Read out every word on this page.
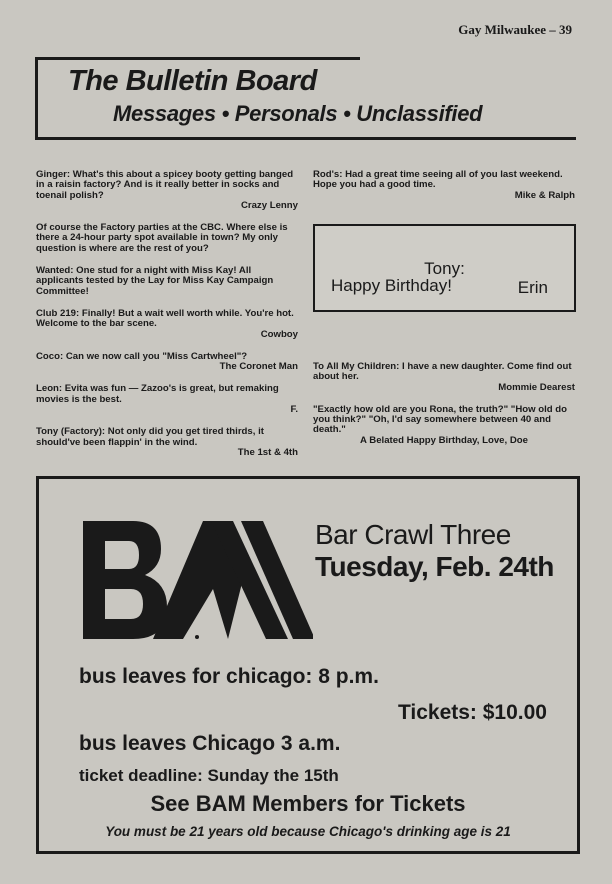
Gay Milwaukee – 39
The Bulletin Board
Messages • Personals • Unclassified

Ginger: What's this about a spicey booty getting banged in a raisin factory? And is it really better in socks and toenail polish?
Crazy Lenny

Of course the Factory parties at the CBC. Where else is there a 24-hour party spot available in town? My only question is where are the rest of you?

Wanted: One stud for a night with Miss Kay! All applicants tested by the Lay for Miss Kay Campaign Committee!

Club 219: Finally! But a wait well worth while. You're hot. Welcome to the bar scene.
Cowboy

Coco: Can we now call you "Miss Cartwheel"?
The Coronet Man

Leon: Evita was fun — Zazoo's is great, but remaking movies is the best.
F.

Tony (Factory): Not only did you get tired thirds, it should've been flappin' in the wind.
The 1st & 4th

Rod's: Had a great time seeing all of you last weekend. Hope you had a good time.
Mike & Ralph

Tony:
Happy Birthday!	Erin

To All My Children: I have a new daughter. Come find out about her.
Mommie Dearest

"Exactly how old are you Rona, the truth?" "How old do you think?" "Oh, I'd say somewhere between 40 and death."
A Belated Happy Birthday, Love, Doe

Bar Crawl Three
Tuesday, Feb. 24th
bus leaves for chicago: 8 p.m.
Tickets: $10.00
bus leaves Chicago 3 a.m.
ticket deadline: Sunday the 15th
See BAM Members for Tickets
You must be 21 years old because Chicago's drinking age is 21
